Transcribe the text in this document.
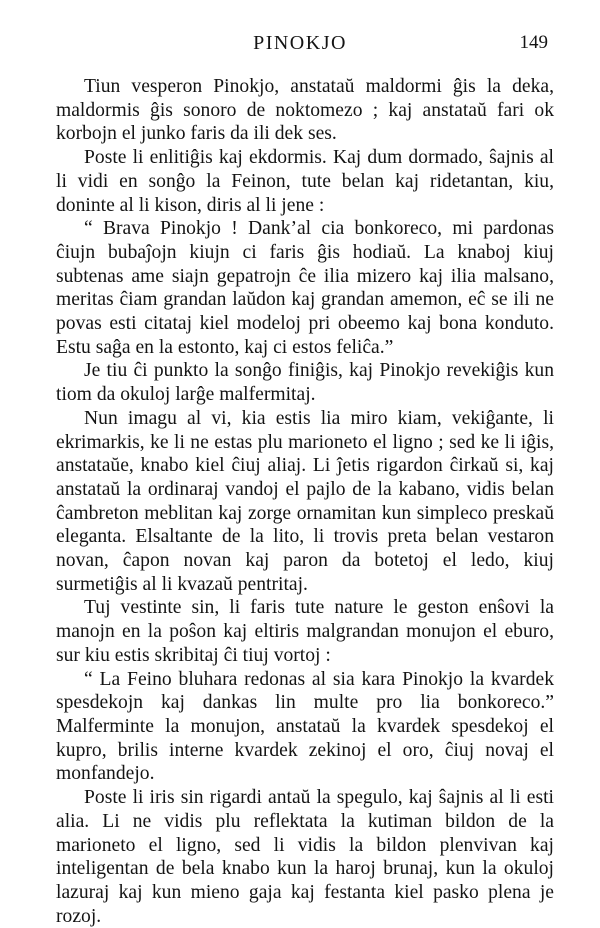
PINOKJO	149

Tiun vesperon Pinokjo, anstataŭ maldormi ĝis la deka, maldormis ĝis sonoro de noktomezo ; kaj anstataŭ fari ok korbojn el junko faris da ili dek ses.

Poste li enlitiĝis kaj ekdormis. Kaj dum dormado, ŝajnis al li vidi en sonĝo la Feinon, tute belan kaj ridetantan, kiu, doninte al li kison, diris al li jene :

“ Brava Pinokjo ! Dank’al cia bonkoreco, mi pardonas ĉiujn bubaĵojn kiujn ci faris ĝis hodiaŭ. La knaboj kiuj subtenas ame siajn gepatrojn ĉe ilia mizero kaj ilia malsano, meritas ĉiam grandan laŭdon kaj grandan amemon, eĉ se ili ne povas esti citataj kiel modeloj pri obeemo kaj bona konduto. Estu saĝa en la estonto, kaj ci estos feliĉa.”

Je tiu ĉi punkto la sonĝo finiĝis, kaj Pinokjo revekiĝis kun tiom da okuloj larĝe malfermitaj.

Nun imagu al vi, kia estis lia miro kiam, vekiĝante, li ekrimarkis, ke li ne estas plu marioneto el ligno ; sed ke li iĝis, anstataŭe, knabo kiel ĉiuj aliaj. Li ĵetis rigardon ĉirkaŭ si, kaj anstataŭ la ordinaraj vandoj el pajlo de la kabano, vidis belan ĉambreton meblitan kaj zorge ornamitan kun simpleco preskaŭ eleganta. Elsaltante de la lito, li trovis preta belan vestaron novan, ĉapon novan kaj paron da botetoj el ledo, kiuj surmetiĝis al li kvazaŭ pentritaj.

Tuj vestinte sin, li faris tute nature le geston enŝovi la manojn en la poŝon kaj eltiris malgrandan monujon el eburo, sur kiu estis skribitaj ĉi tiuj vortoj :

“ La Feino bluhara redonas al sia kara Pinokjo la kvardek spesdekojn kaj dankas lin multe pro lia bonkoreco.” Malferminte la monujon, anstataŭ la kvardek spesdekoj el kupro, brilis interne kvardek zekinoj el oro, ĉiuj novaj el monfandejo.

Poste li iris sin rigardi antaŭ la spegulo, kaj ŝajnis al li esti alia. Li ne vidis plu reflektata la kutiman bildon de la marioneto el ligno, sed li vidis la bildon plenvivan kaj inteligentan de bela knabo kun la haroj brunaj, kun la okuloj lazuraj kaj kun mieno gaja kaj festanta kiel pasko plena je rozoj.
